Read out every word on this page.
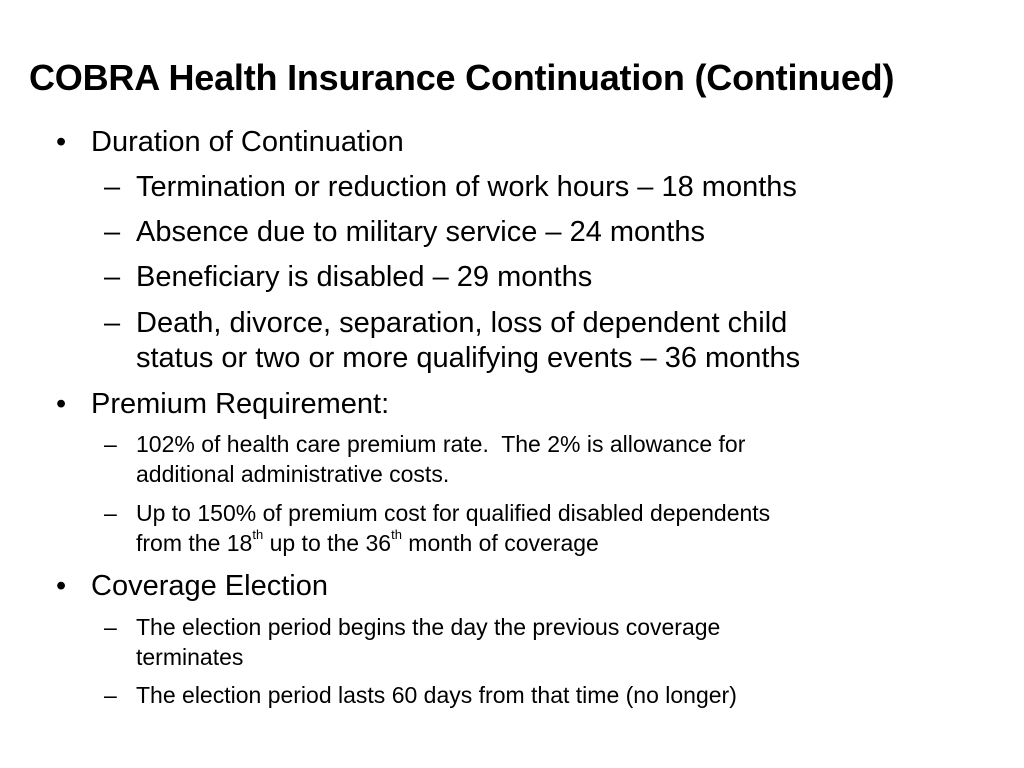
COBRA Health Insurance Continuation (Continued)
• Duration of Continuation
– Termination or reduction of work hours – 18 months
– Absence due to military service – 24 months
– Beneficiary is disabled – 29 months
– Death, divorce, separation, loss of dependent child
status or two or more qualifying events – 36 months
• Premium Requirement:
– 102% of health care premium rate.  The 2% is allowance for
additional administrative costs.
– Up to 150% of premium cost for qualified disabled dependents
from the 18th up to the 36th month of coverage
• Coverage Election
– The election period begins the day the previous coverage
terminates
– The election period lasts 60 days from that time (no longer)
